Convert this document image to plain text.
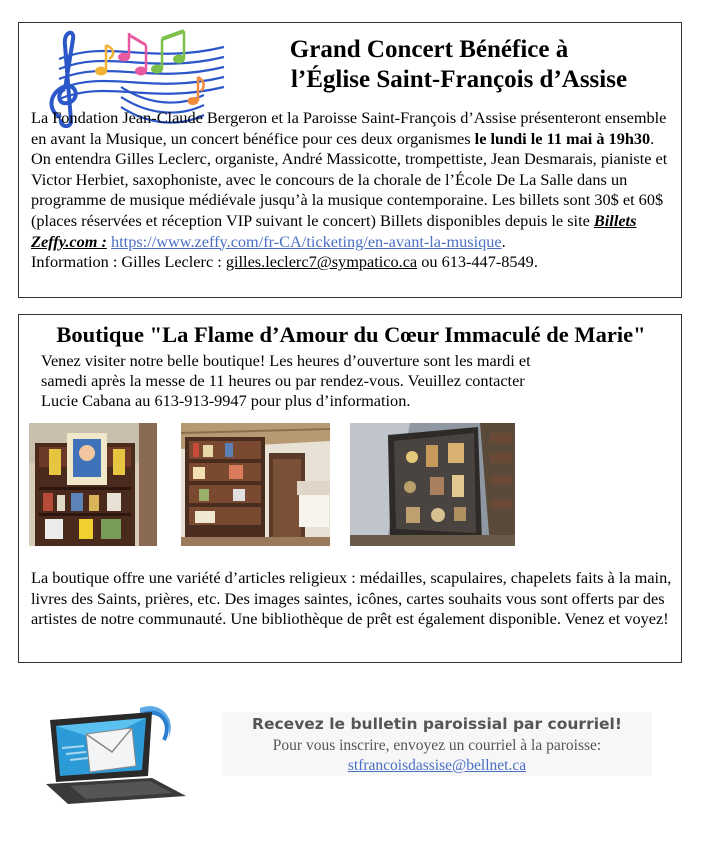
Grand Concert Bénéfice à
l’Église Saint-François d’Assise

La Fondation Jean-Claude Bergeron et la Paroisse Saint-François d’Assise présenteront ensemble en avant la Musique, un concert bénéfice pour ces deux organismes le lundi le 11 mai à 19h30. On entendra Gilles Leclerc, organiste, André Massicotte, trompettiste, Jean Desmarais, pianiste et Victor Herbiet, saxophoniste, avec le concours de la chorale de l’École De La Salle dans un programme de musique médiévale jusqu’à la musique contemporaine. Les billets sont 30$ et 60$ (places réservées et réception VIP suivant le concert) Billets disponibles depuis le site Billets Zeffy.com : https://www.zeffy.com/fr-CA/ticketing/en-avant-la-musique.
Information : Gilles Leclerc : gilles.leclerc7@sympatico.ca ou 613-447-8549.

Boutique "La Flame d’Amour du Cœur Immaculé de Marie"

Venez visiter notre belle boutique! Les heures d’ouverture sont les mardi et
samedi après la messe de 11 heures ou par rendez-vous. Veuillez contacter
Lucie Cabana au 613-913-9947 pour plus d’information.

La boutique offre une variété d’articles religieux : médailles, scapulaires, chapelets faits à la main, livres des Saints, prières, etc. Des images saintes, icônes, cartes souhaits vous sont offerts par des artistes de notre communauté. Une bibliothèque de prêt est également disponible. Venez et voyez!

Recevez le bulletin paroissial par courriel!
Pour vous inscrire, envoyez un courriel à la paroisse:
stfrancoisdassise@bellnet.ca
